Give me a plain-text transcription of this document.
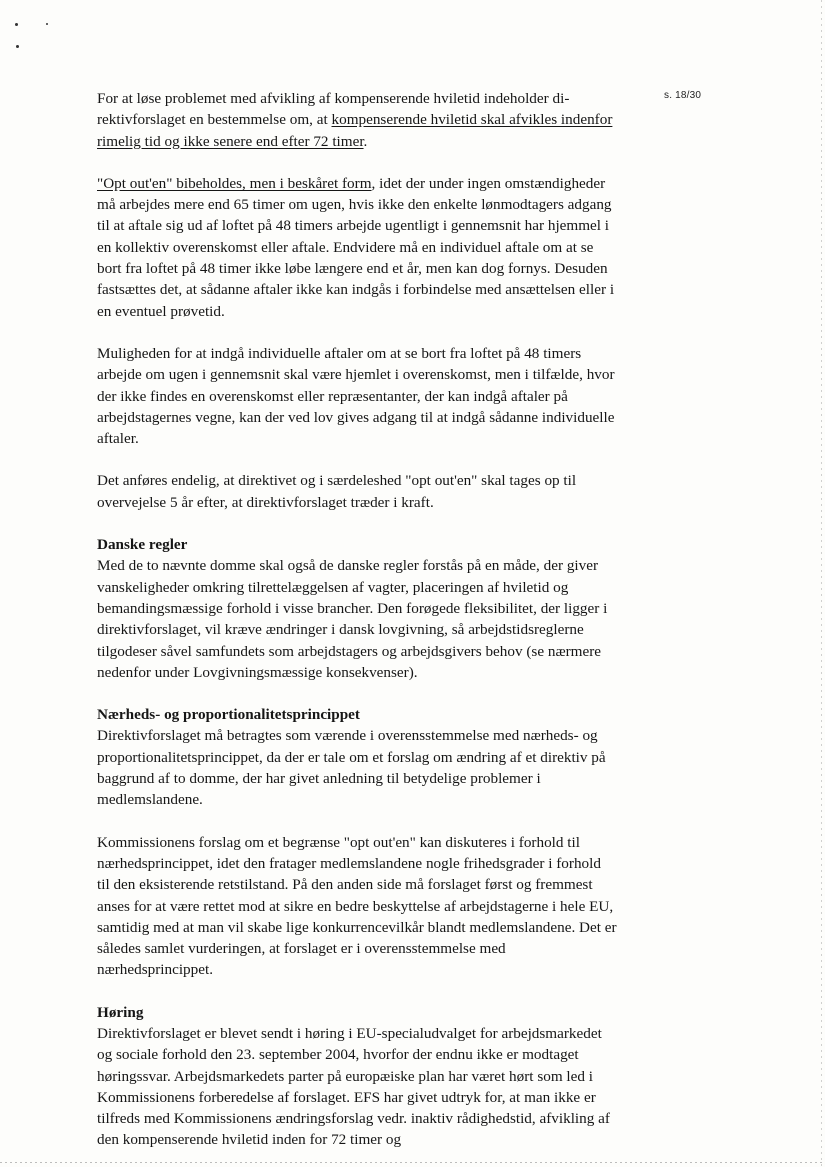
s. 18/30

For at løse problemet med afvikling af kompenserende hviletid indeholder direktivforslaget en bestemmelse om, at kompenserende hviletid skal afvikles indenfor rimelig tid og ikke senere end efter 72 timer.

"Opt out'en" bibeholdes, men i beskåret form, idet der under ingen omstændigheder må arbejdes mere end 65 timer om ugen, hvis ikke den enkelte lønmodtagers adgang til at aftale sig ud af loftet på 48 timers arbejde ugentligt i gennemsnit har hjemmel i en kollektiv overenskomst eller aftale. Endvidere må en individuel aftale om at se bort fra loftet på 48 timer ikke løbe længere end et år, men kan dog fornys. Desuden fastsættes det, at sådanne aftaler ikke kan indgås i forbindelse med ansættelsen eller i en eventuel prøvetid.

Muligheden for at indgå individuelle aftaler om at se bort fra loftet på 48 timers arbejde om ugen i gennemsnit skal være hjemlet i overenskomst, men i tilfælde, hvor der ikke findes en overenskomst eller repræsentanter, der kan indgå aftaler på arbejdstagernes vegne, kan der ved lov gives adgang til at indgå sådanne individuelle aftaler.

Det anføres endelig, at direktivet og i særdeleshed "opt out'en" skal tages op til overvejelse 5 år efter, at direktivforslaget træder i kraft.

Danske regler

Med de to nævnte domme skal også de danske regler forstås på en måde, der giver vanskeligheder omkring tilrettelæggelsen af vagter, placeringen af hviletid og bemandingsmæssige forhold i visse brancher. Den forøgede fleksibilitet, der ligger i direktivforslaget, vil kræve ændringer i dansk lovgivning, så arbejdstidsreglerne tilgodeser såvel samfundets som arbejdstagers og arbejdsgivers behov (se nærmere nedenfor under Lovgivningsmæssige konsekvenser).

Nærheds- og proportionalitetsprincippet

Direktivforslaget må betragtes som værende i overensstemmelse med nærheds- og proportionalitetsprincippet, da der er tale om et forslag om ændring af et direktiv på baggrund af to domme, der har givet anledning til betydelige problemer i medlemslandene.

Kommissionens forslag om et begrænse "opt out'en" kan diskuteres i forhold til nærhedsprincippet, idet den fratager medlemslandene nogle frihedsgrader i forhold til den eksisterende retstilstand. På den anden side må forslaget først og fremmest anses for at være rettet mod at sikre en bedre beskyttelse af arbejdstagerne i hele EU, samtidig med at man vil skabe lige konkurrencevilkår blandt medlemslandene. Det er således samlet vurderingen, at forslaget er i overensstemmelse med nærhedsprincippet.

Høring

Direktivforslaget er blevet sendt i høring i EU-specialudvalget for arbejdsmarkedet og sociale forhold den 23. september 2004, hvorfor der endnu ikke er modtaget høringssvar. Arbejdsmarkedets parter på europæiske plan har været hørt som led i Kommissionens forberedelse af forslaget. EFS har givet udtryk for, at man ikke er tilfreds med Kommissionens ændringsforslag vedr. inaktiv rådighedstid, afvikling af den kompenserende hviletid inden for 72 timer og
